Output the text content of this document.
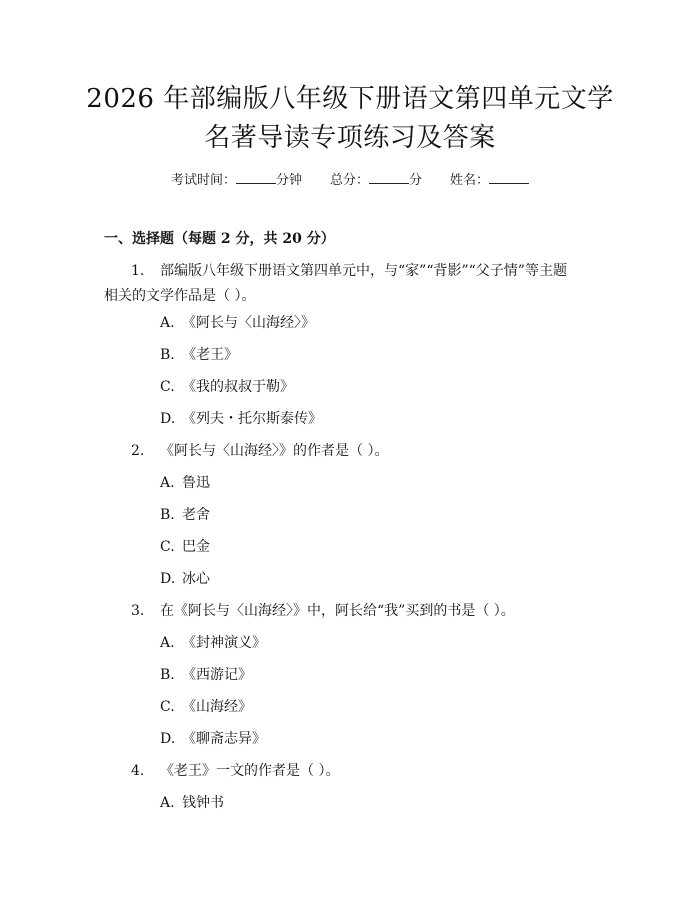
2026 年部编版八年级下册语文第四单元文学
名著导读专项练习及答案
考试时间：	分钟 总分：	分 姓名：
一、选择题（每题 2 分，共 20 分）
1. 部编版八年级下册语文第四单元中，与“家”“背影”“父子情”等主题
相关的文学作品是（ ）。
A. 《阿长与〈山海经〉》
B. 《老王》
C. 《我的叔叔于勒》
D. 《列夫・托尔斯泰传》
2. 《阿长与〈山海经〉》的作者是（ ）。
A. 鲁迅
B. 老舍
C. 巴金
D. 冰心
3. 在《阿长与〈山海经〉》中，阿长给“我”买到的书是（ ）。
A. 《封神演义》
B. 《西游记》
C. 《山海经》
D. 《聊斋志异》
4. 《老王》一文的作者是（ ）。
A. 钱钟书
